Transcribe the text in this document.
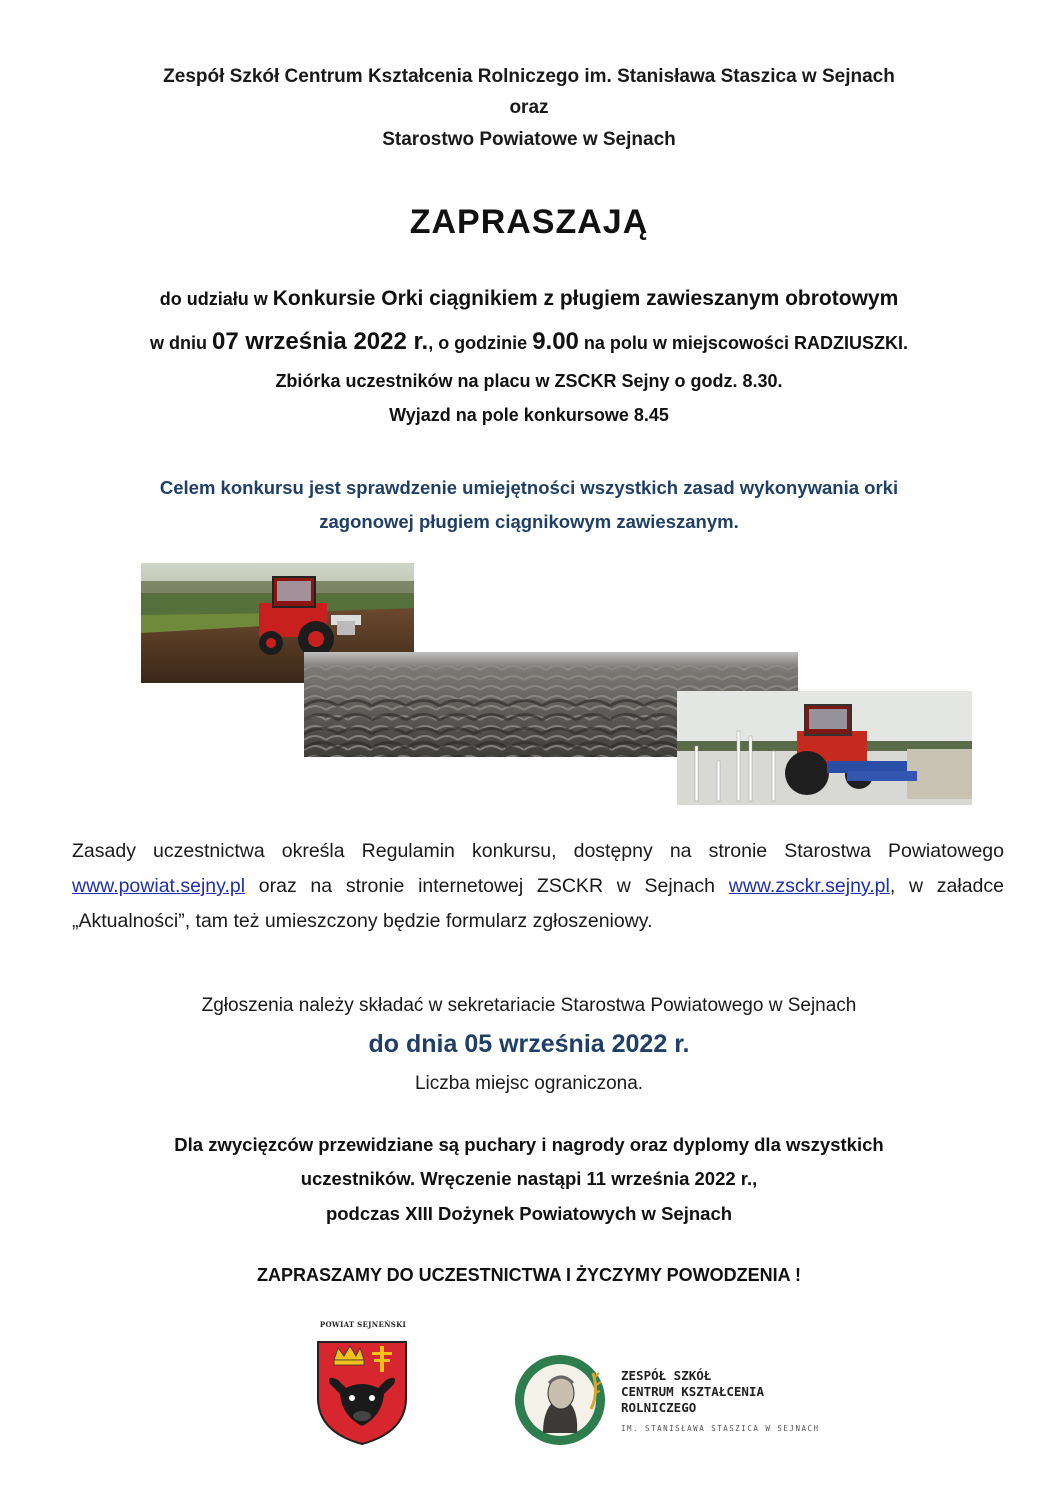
Zespół Szkół Centrum Kształcenia Rolniczego im. Stanisława Staszica w Sejnach
oraz
Starostwo Powiatowe w Sejnach
ZAPRASZAJĄ
do udziału w Konkursie Orki ciągnikiem z pługiem zawieszanym obrotowym
w dniu 07 września 2022 r., o godzinie 9.00 na polu w miejscowości RADZIUSZKI.
Zbiórka uczestników na placu w ZSCKR Sejny o godz. 8.30.
Wyjazd na pole konkursowe 8.45
Celem konkursu jest sprawdzenie umiejętności wszystkich zasad wykonywania orki
zagonowej pługiem ciągnikowym zawieszanym.
Zasady uczestnictwa określa Regulamin konkursu, dostępny na stronie Starostwa Powiatowego www.powiat.sejny.pl oraz na stronie internetowej ZSCKR w Sejnach www.zsckr.sejny.pl, w załadce „Aktualności”, tam też umieszczony będzie formularz zgłoszeniowy.
Zgłoszenia należy składać w sekretariacie Starostwa Powiatowego w Sejnach
do dnia 05 września 2022 r.
Liczba miejsc ograniczona.
Dla zwycięzców przewidziane są puchary i nagrody oraz dyplomy dla wszystkich
uczestników. Wręczenie nastąpi 11 września 2022 r.,
podczas XIII Dożynek Powiatowych w Sejnach
ZAPRASZAMY DO UCZESTNICTWA I ŻYCZYMY POWODZENIA !
POWIAT SEJNEŃSKI
ZESPÓŁ SZKÓŁ
CENTRUM KSZTAŁCENIA
ROLNICZEGO
IM. STANISŁAWA STASZICA W SEJNACH
